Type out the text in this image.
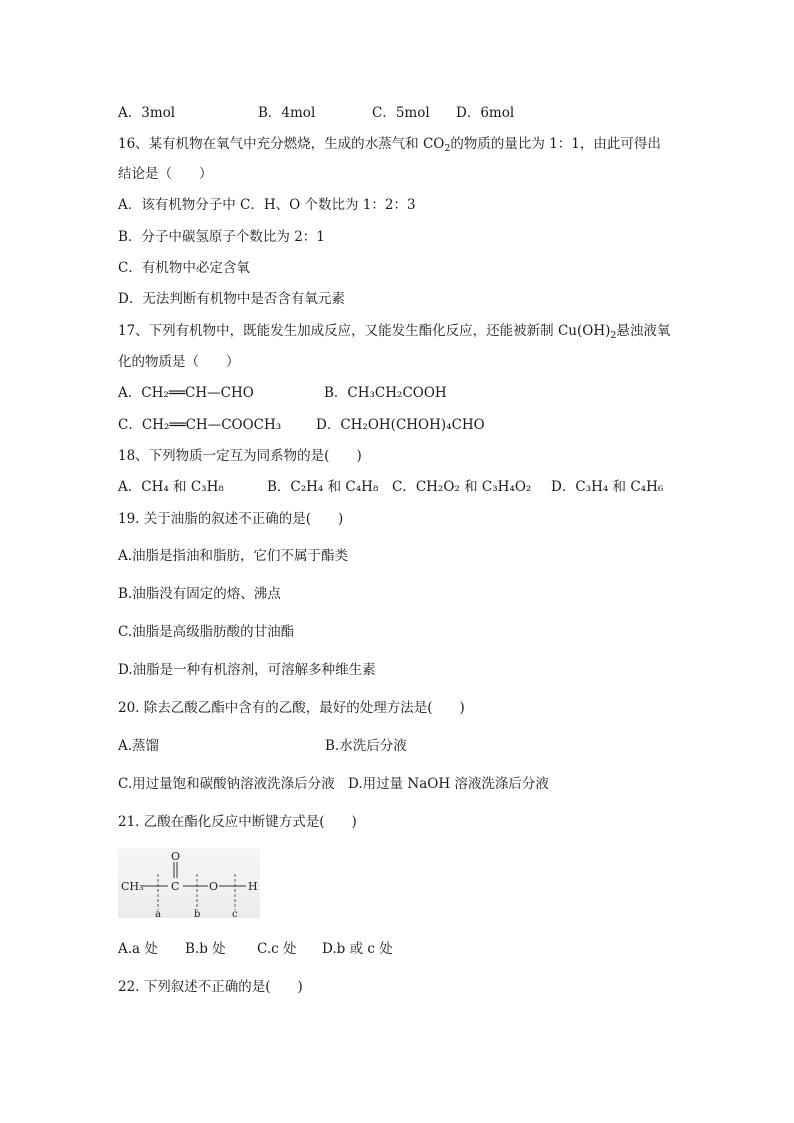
A．3mol	B．4mol	C．5mol D．6mol
16、某有机物在氧气中充分燃烧，生成的水蒸气和 $CO_2$的物质的量比为 1：1，由此可得出
结论是（　　）
A．该有机物分子中 C．H、O 个数比为 1：2：3
B．分子中碳氢原子个数比为 2：1
C．有机物中必定含氧
D．无法判断有机物中是否含有氧元素
17、下列有机物中，既能发生加成反应，又能发生酯化反应，还能被新制 $Cu(OH)_2$悬浊液氧
化的物质是（　　）
A．CH₂══CH—CHO	B．CH₃CH₂COOH
C．CH₂══CH—COOCH₃	D．CH₂OH(CHOH)₄CHO
18、下列物质一定互为同系物的是(　　)
A．CH₄ 和 C₃H₈	B．C₂H₄ 和 C₄H₈ C．CH₂O₂ 和 C₃H₄O₂ D．C₃H₄ 和 C₄H₆
19. 关于油脂的叙述不正确的是(　　)
A.油脂是指油和脂肪，它们不属于酯类
B.油脂没有固定的熔、沸点
C.油脂是高级脂肪酸的甘油酯
D.油脂是一种有机溶剂，可溶解多种维生素
20. 除去乙酸乙酯中含有的乙酸，最好的处理方法是(　　)
A.蒸馏	B.水洗后分液
C.用过量饱和碳酸钠溶液洗涤后分液 D.用过量 NaOH 溶液洗涤后分液
21. 乙酸在酯化反应中断键方式是(　　)
CH₃	C
O
O	H
a	b	c
A.a 处 B.b 处 C.c 处 D.b 或 c 处
22. 下列叙述不正确的是(　　)
